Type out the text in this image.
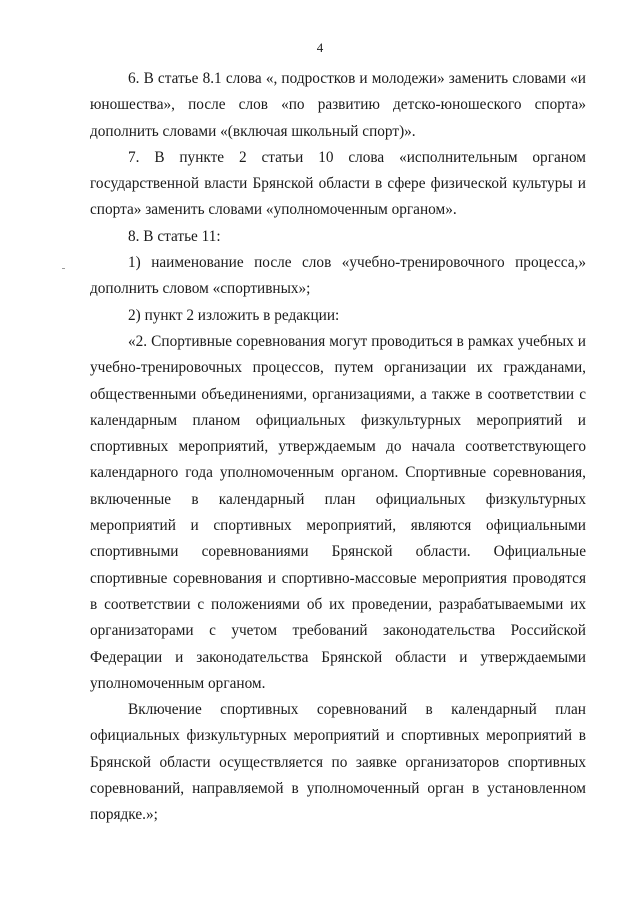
4

6. В статье 8.1 слова «, подростков и молодежи» заменить словами «и юношества», после слов «по развитию детско-юношеского спорта» дополнить словами «(включая школьный спорт)».

7. В пункте 2 статьи 10 слова «исполнительным органом государственной власти Брянской области в сфере физической культуры и спорта» заменить словами «уполномоченным органом».

8. В статье 11:

1) наименование после слов «учебно-тренировочного процесса,» дополнить словом «спортивных»;

2) пункт 2 изложить в редакции:

«2. Спортивные соревнования могут проводиться в рамках учебных и учебно-тренировочных процессов, путем организации их гражданами, общественными объединениями, организациями, а также в соответствии с календарным планом официальных физкультурных мероприятий и спортивных мероприятий, утверждаемым до начала соответствующего календарного года уполномоченным органом. Спортивные соревнования, включенные в календарный план официальных физкультурных мероприятий и спортивных мероприятий, являются официальными спортивными соревнованиями Брянской области. Официальные спортивные соревнования и спортивно-массовые мероприятия проводятся в соответствии с положениями об их проведении, разрабатываемыми их организаторами с учетом требований законодательства Российской Федерации и законодательства Брянской области и утверждаемыми уполномоченным органом.

Включение спортивных соревнований в календарный план официальных физкультурных мероприятий и спортивных мероприятий в Брянской области осуществляется по заявке организаторов спортивных соревнований, направляемой в уполномоченный орган в установленном порядке.»;
